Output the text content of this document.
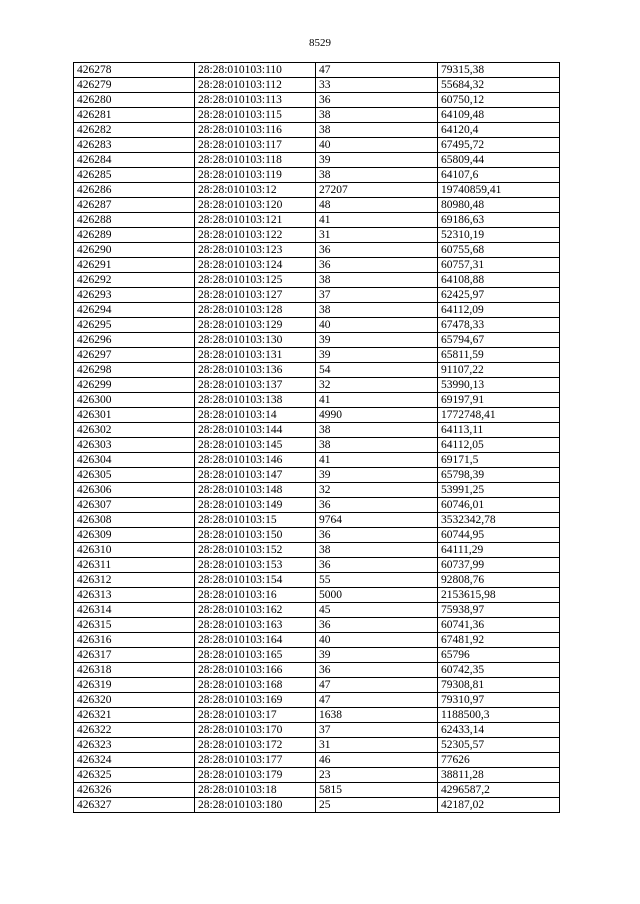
8529
426278	28:28:010103:110	47	79315,38
426279	28:28:010103:112	33	55684,32
426280	28:28:010103:113	36	60750,12
426281	28:28:010103:115	38	64109,48
426282	28:28:010103:116	38	64120,4
426283	28:28:010103:117	40	67495,72
426284	28:28:010103:118	39	65809,44
426285	28:28:010103:119	38	64107,6
426286	28:28:010103:12	27207	19740859,41
426287	28:28:010103:120	48	80980,48
426288	28:28:010103:121	41	69186,63
426289	28:28:010103:122	31	52310,19
426290	28:28:010103:123	36	60755,68
426291	28:28:010103:124	36	60757,31
426292	28:28:010103:125	38	64108,88
426293	28:28:010103:127	37	62425,97
426294	28:28:010103:128	38	64112,09
426295	28:28:010103:129	40	67478,33
426296	28:28:010103:130	39	65794,67
426297	28:28:010103:131	39	65811,59
426298	28:28:010103:136	54	91107,22
426299	28:28:010103:137	32	53990,13
426300	28:28:010103:138	41	69197,91
426301	28:28:010103:14	4990	1772748,41
426302	28:28:010103:144	38	64113,11
426303	28:28:010103:145	38	64112,05
426304	28:28:010103:146	41	69171,5
426305	28:28:010103:147	39	65798,39
426306	28:28:010103:148	32	53991,25
426307	28:28:010103:149	36	60746,01
426308	28:28:010103:15	9764	3532342,78
426309	28:28:010103:150	36	60744,95
426310	28:28:010103:152	38	64111,29
426311	28:28:010103:153	36	60737,99
426312	28:28:010103:154	55	92808,76
426313	28:28:010103:16	5000	2153615,98
426314	28:28:010103:162	45	75938,97
426315	28:28:010103:163	36	60741,36
426316	28:28:010103:164	40	67481,92
426317	28:28:010103:165	39	65796
426318	28:28:010103:166	36	60742,35
426319	28:28:010103:168	47	79308,81
426320	28:28:010103:169	47	79310,97
426321	28:28:010103:17	1638	1188500,3
426322	28:28:010103:170	37	62433,14
426323	28:28:010103:172	31	52305,57
426324	28:28:010103:177	46	77626
426325	28:28:010103:179	23	38811,28
426326	28:28:010103:18	5815	4296587,2
426327	28:28:010103:180	25	42187,02
